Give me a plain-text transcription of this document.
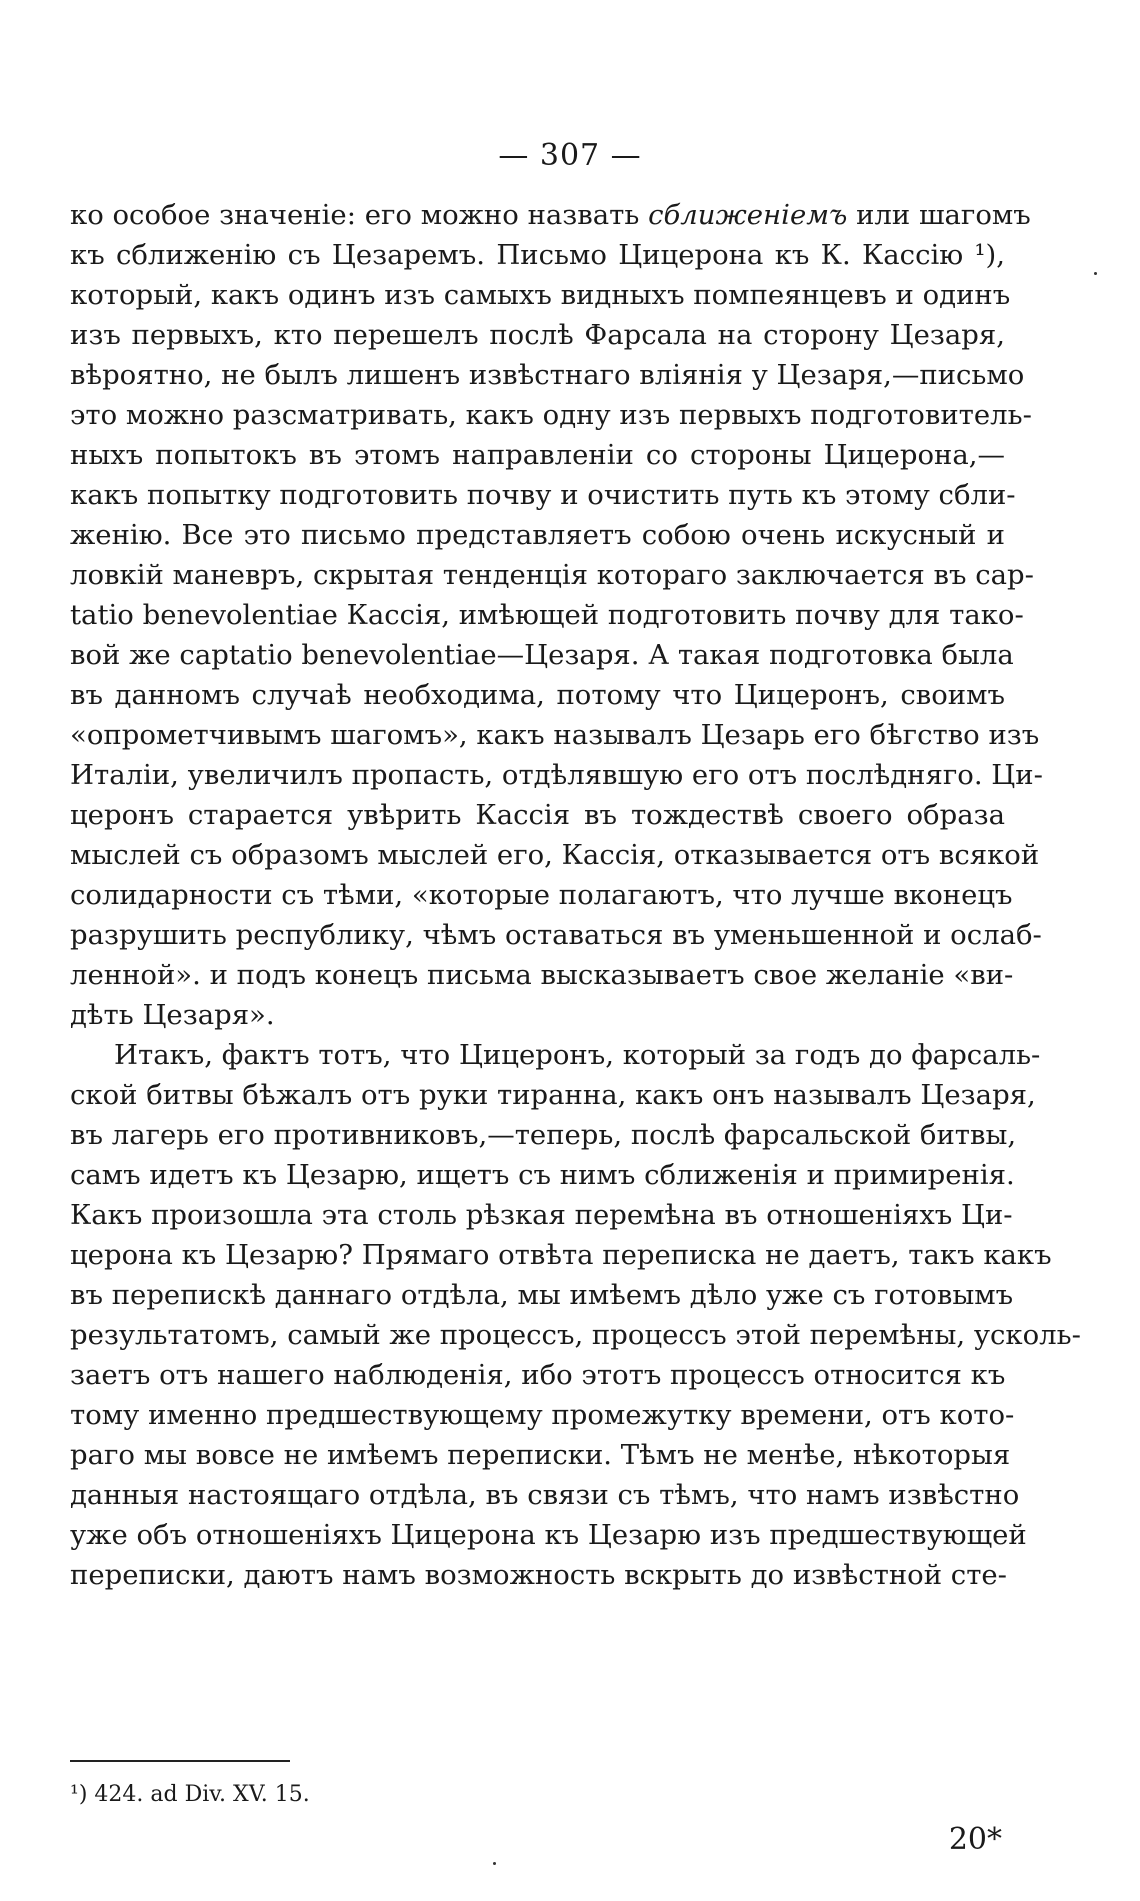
— 307 —
ко особое значеніе: его можно назвать сближеніемъ или шагомъ
къ сближенію съ Цезаремъ. Письмо Цицерона къ К. Кассію ¹),
который, какъ одинъ изъ самыхъ видныхъ помпеянцевъ и одинъ
изъ первыхъ, кто перешелъ послѣ Фарсала на сторону Цезаря,
вѣроятно, не былъ лишенъ извѣстнаго вліянія у Цезаря,—письмо
это можно разсматривать, какъ одну изъ первыхъ подготовитель-
ныхъ попытокъ въ этомъ направленіи со стороны Цицерона,—
какъ попытку подготовить почву и очистить путь къ этому сбли-
женію. Все это письмо представляетъ собою очень искусный и
ловкій маневръ, скрытая тенденція котораго заключается въ cap-
tatio benevolentiae Кассія, имѣющей подготовить почву для тако-
вой же captatio benevolentiae—Цезаря. А такая подготовка была
въ данномъ случаѣ необходима, потому что Цицеронъ, своимъ
«опрометчивымъ шагомъ», какъ называлъ Цезарь его бѣгство изъ
Италіи, увеличилъ пропасть, отдѣлявшую его отъ послѣдняго. Ци-
цeронъ старается увѣрить Кассія въ тождествѣ своего образа
мыслей съ образомъ мыслей его, Кассія, отказывается отъ всякой
солидарности съ тѣми, «которые полагаютъ, что лучше вконецъ
разрушить республику, чѣмъ оставаться въ уменьшенной и ослаб-
ленной». и подъ конецъ письма высказываетъ свое желаніе «ви-
дѣть Цезаря».
Итакъ, фактъ тотъ, что Цицеронъ, который за годъ до фарсаль-
ской битвы бѣжалъ отъ руки тиранна, какъ онъ называлъ Цезаря,
въ лагерь его противниковъ,—теперь, послѣ фарсальской битвы,
самъ идетъ къ Цезарю, ищетъ съ нимъ сближенія и примиренія.
Какъ произошла эта столь рѣзкая перемѣна въ отношеніяхъ Ци-
церона къ Цезарю? Прямаго отвѣта переписка не даетъ, такъ какъ
въ перепискѣ даннаго отдѣла, мы имѣемъ дѣло уже съ готовымъ
результатомъ, самый же процессъ, процессъ этой перемѣны, усколь-
заетъ отъ нашего наблюденія, ибо этотъ процессъ относится къ
тому именно предшествующему промежутку времени, отъ кото-
раго мы вовсе не имѣемъ переписки. Тѣмъ не менѣе, нѣкоторыя
данныя настоящаго отдѣла, въ связи съ тѣмъ, что намъ извѣстно
уже объ отношеніяхъ Цицерона къ Цезарю изъ предшествующей
переписки, даютъ намъ возможность вскрыть до извѣстной сте-
¹) 424. ad Div. XV. 15.
20*
